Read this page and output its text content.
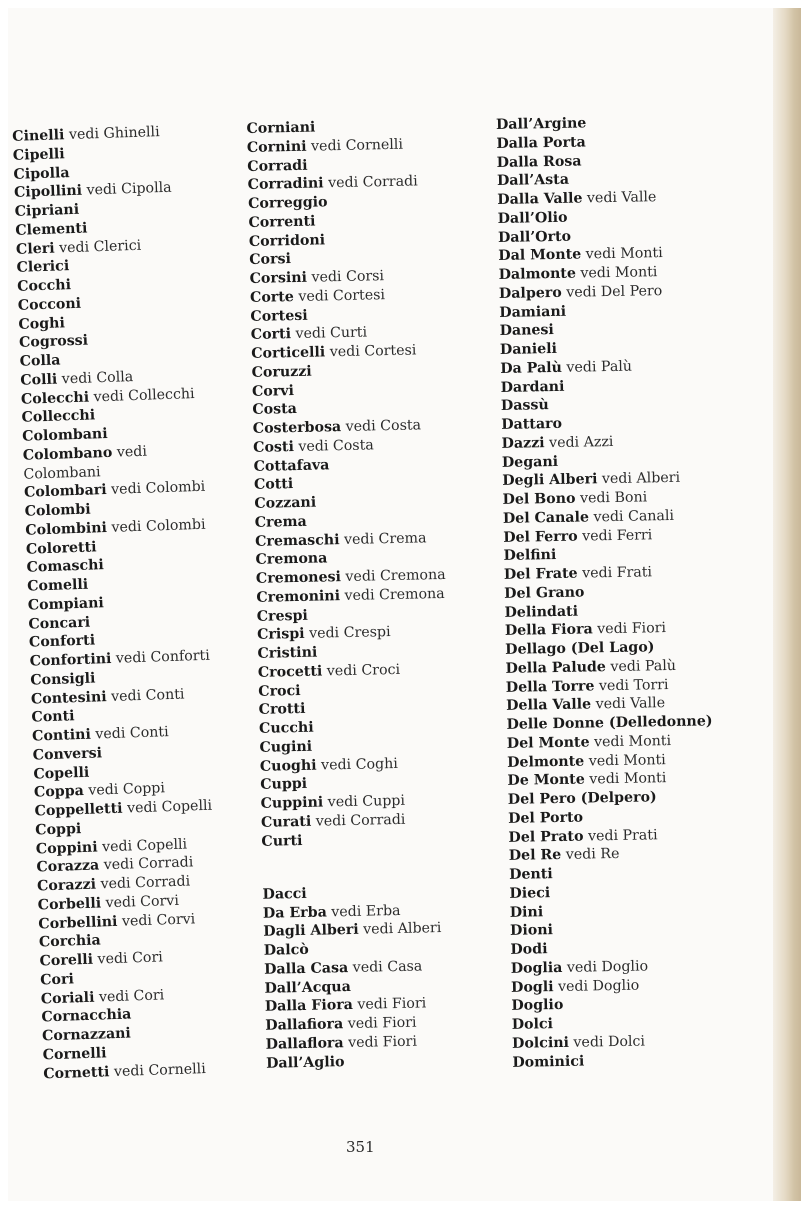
Cinelli vedi Ghinelli
Cipelli
Cipolla
Cipollini vedi Cipolla
Cipriani
Clementi
Cleri vedi Clerici
Clerici
Cocchi
Cocconi
Coghi
Cogrossi
Colla
Colli vedi Colla
Colecchi vedi Collecchi
Collecchi
Colombani
Colombano vedi
Colombani
Colombari vedi Colombi
Colombi
Colombini vedi Colombi
Coloretti
Comaschi
Comelli
Compiani
Concari
Conforti
Confortini vedi Conforti
Consigli
Contesini vedi Conti
Conti
Contini vedi Conti
Conversi
Copelli
Coppa vedi Coppi
Coppelletti vedi Copelli
Coppi
Coppini vedi Copelli
Corazza vedi Corradi
Corazzi vedi Corradi
Corbelli vedi Corvi
Corbellini vedi Corvi
Corchia
Corelli vedi Cori
Cori
Coriali vedi Cori
Cornacchia
Cornazzani
Cornelli
Cornetti vedi Cornelli
Corniani
Cornini vedi Cornelli
Corradi
Corradini vedi Corradi
Correggio
Correnti
Corridoni
Corsi
Corsini vedi Corsi
Corte vedi Cortesi
Cortesi
Corti vedi Curti
Corticelli vedi Cortesi
Coruzzi
Corvi
Costa
Costerbosa vedi Costa
Costi vedi Costa
Cottafava
Cotti
Cozzani
Crema
Cremaschi vedi Crema
Cremona
Cremonesi vedi Cremona
Cremonini vedi Cremona
Crespi
Crispi vedi Crespi
Cristini
Crocetti vedi Croci
Croci
Crotti
Cucchi
Cugini
Cuoghi vedi Coghi
Cuppi
Cuppini vedi Cuppi
Curati vedi Corradi
Curti
Dacci
Da Erba vedi Erba
Dagli Alberi vedi Alberi
Dalcò
Dalla Casa vedi Casa
Dall’Acqua
Dalla Fiora vedi Fiori
Dallafiora vedi Fiori
Dallaflora vedi Fiori
Dall’Aglio
Dall’Argine
Dalla Porta
Dalla Rosa
Dall’Asta
Dalla Valle vedi Valle
Dall’Olio
Dall’Orto
Dal Monte vedi Monti
Dalmonte vedi Monti
Dalpero vedi Del Pero
Damiani
Danesi
Danieli
Da Palù vedi Palù
Dardani
Dassù
Dattaro
Dazzi vedi Azzi
Degani
Degli Alberi vedi Alberi
Del Bono vedi Boni
Del Canale vedi Canali
Del Ferro vedi Ferri
Delfini
Del Frate vedi Frati
Del Grano
Delindati
Della Fiora vedi Fiori
Dellago (Del Lago)
Della Palude vedi Palù
Della Torre vedi Torri
Della Valle vedi Valle
Delle Donne (Delledonne)
Del Monte vedi Monti
Delmonte vedi Monti
De Monte vedi Monti
Del Pero (Delpero)
Del Porto
Del Prato vedi Prati
Del Re vedi Re
Denti
Dieci
Dini
Dioni
Dodi
Doglia vedi Doglio
Dogli vedi Doglio
Doglio
Dolci
Dolcini vedi Dolci
Dominici
351
